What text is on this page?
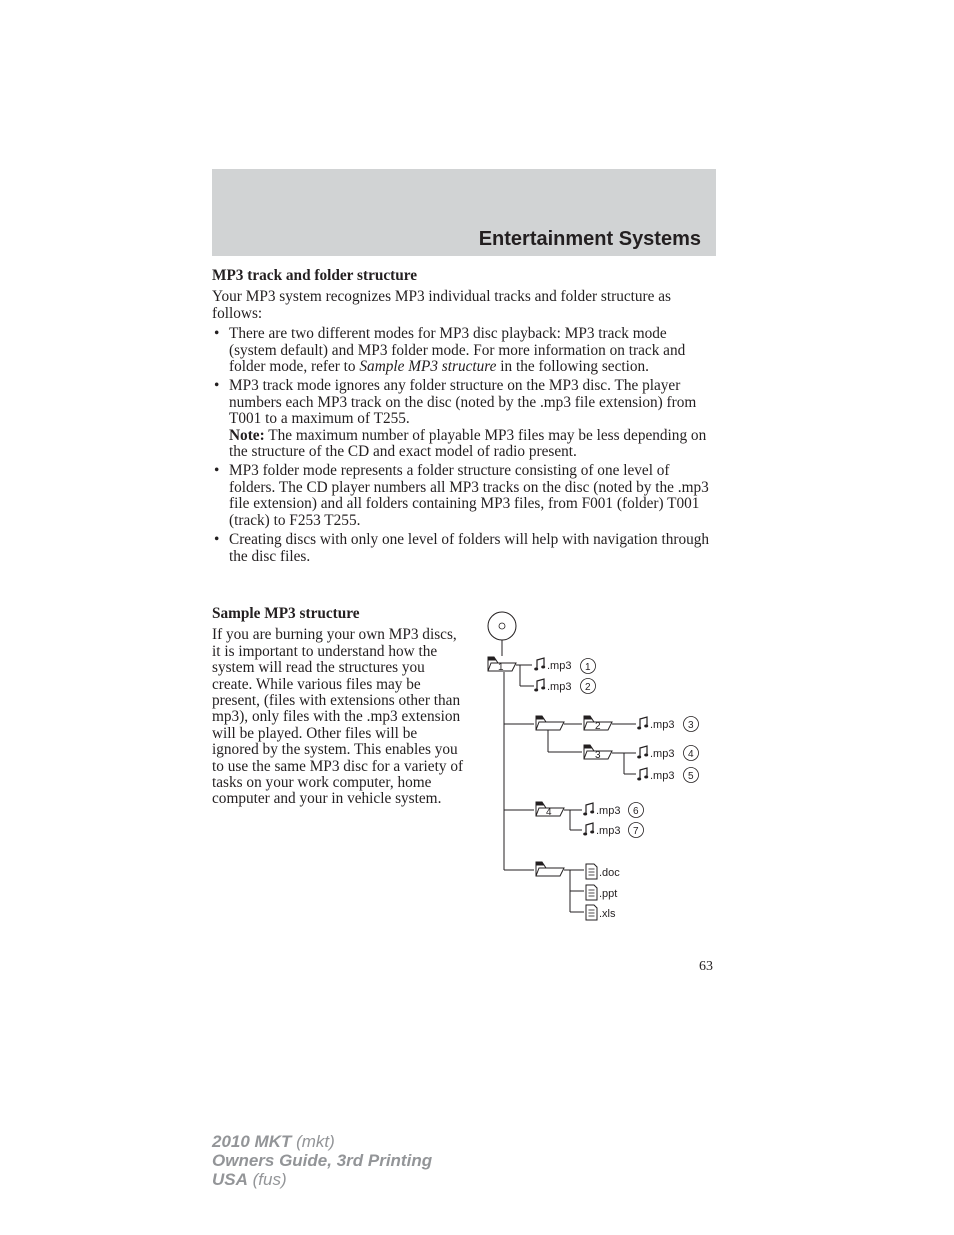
Entertainment Systems
MP3 track and folder structure

Your MP3 system recognizes MP3 individual tracks and folder structure as follows:

• There are two different modes for MP3 disc playback: MP3 track mode (system default) and MP3 folder mode. For more information on track and folder mode, refer to Sample MP3 structure in the following section.
• MP3 track mode ignores any folder structure on the MP3 disc. The player numbers each MP3 track on the disc (noted by the .mp3 file extension) from T001 to a maximum of T255.
Note: The maximum number of playable MP3 files may be less depending on the structure of the CD and exact model of radio present.
• MP3 folder mode represents a folder structure consisting of one level of folders. The CD player numbers all MP3 tracks on the disc (noted by the .mp3 file extension) and all folders containing MP3 files, from F001 (folder) T001 (track) to F253 T255.
• Creating discs with only one level of folders will help with navigation through the disc files.
Sample MP3 structure

If you are burning your own MP3 discs, it is important to understand how the system will read the structures you create. While various files may be present, (files with extensions other than mp3), only files with the .mp3 extension will be played. Other files will be ignored by the system. This enables you to use the same MP3 disc for a variety of tasks on your work computer, home computer and your in vehicle system.

1	.mp3 1
.mp3 2
2	.mp3 3
3	.mp3 4
.mp3 5
4	.mp3 6
.mp3 7
.doc
.ppt
.xls
63
2010 MKT (mkt)
Owners Guide, 3rd Printing
USA (fus)
